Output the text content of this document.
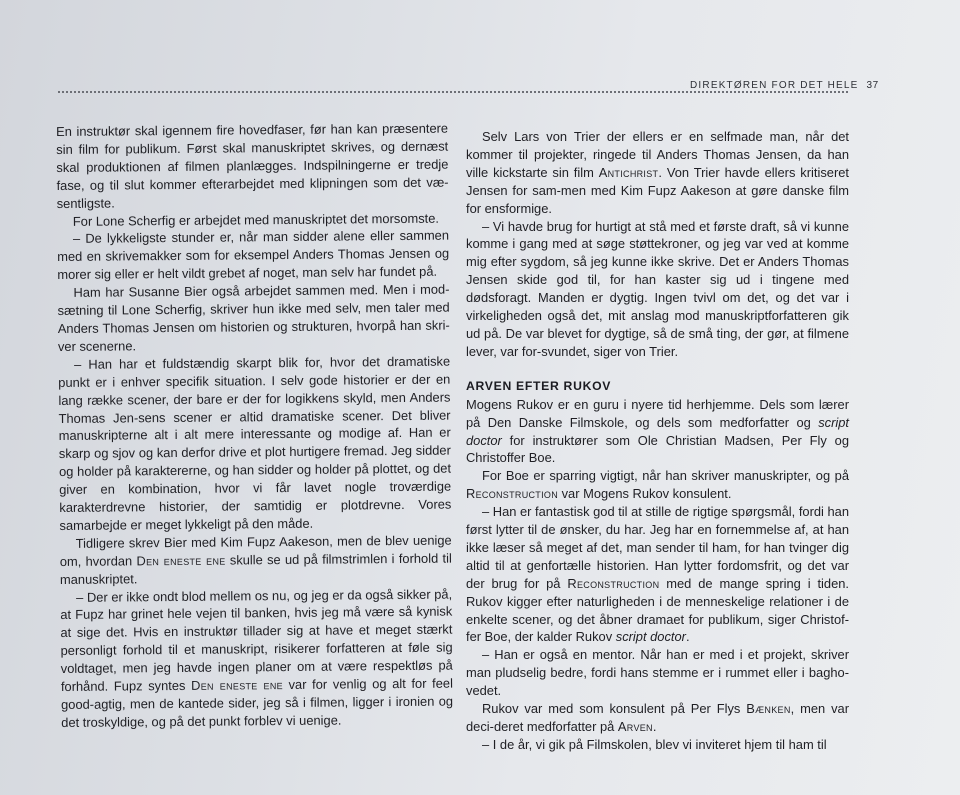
DIREKTØREN FOR DET HELE 37

En instruktør skal igennem fire hovedfaser, før han kan præsentere sin film for publikum. Først skal manuskriptet skrives, og dernæst skal produktionen af filmen planlægges. Indspilningerne er tredje fase, og til slut kommer efterarbejdet med klipningen som det væ-sentligste.

For Lone Scherfig er arbejdet med manuskriptet det morsomste.

– De lykkeligste stunder er, når man sidder alene eller sammen med en skrivemakker som for eksempel Anders Thomas Jensen og morer sig eller er helt vildt grebet af noget, man selv har fundet på.

Ham har Susanne Bier også arbejdet sammen med. Men i mod-sætning til Lone Scherfig, skriver hun ikke med selv, men taler med Anders Thomas Jensen om historien og strukturen, hvorpå han skri-ver scenerne.

– Han har et fuldstændig skarpt blik for, hvor det dramatiske punkt er i enhver specifik situation. I selv gode historier er der en lang række scener, der bare er der for logikkens skyld, men Anders Thomas Jen-sens scener er altid dramatiske scener. Det bliver manuskripterne alt i alt mere interessante og modige af. Han er skarp og sjov og kan derfor drive et plot hurtigere fremad. Jeg sidder og holder på karaktererne, og han sidder og holder på plottet, og det giver en kombination, hvor vi får lavet nogle troværdige karakterdrevne historier, der samtidig er plotdrevne. Vores samarbejde er meget lykkeligt på den måde.

Tidligere skrev Bier med Kim Fupz Aakeson, men de blev uenige om, hvordan Den eneste ene skulle se ud på filmstrimlen i forhold til manuskriptet.

– Der er ikke ondt blod mellem os nu, og jeg er da også sikker på, at Fupz har grinet hele vejen til banken, hvis jeg må være så kynisk at sige det. Hvis en instruktør tillader sig at have et meget stærkt personligt forhold til et manuskript, risikerer forfatteren at føle sig voldtaget, men jeg havde ingen planer om at være respektløs på forhånd. Fupz syntes Den eneste ene var for venlig og alt for feel good-agtig, men de kantede sider, jeg så i filmen, ligger i ironien og det troskyldige, og på det punkt forblev vi uenige.

Selv Lars von Trier der ellers er en selfmade man, når det kommer til projekter, ringede til Anders Thomas Jensen, da han ville kickstarte sin film Antichrist. Von Trier havde ellers kritiseret Jensen for sam-men med Kim Fupz Aakeson at gøre danske film for ensformige.

– Vi havde brug for hurtigt at stå med et første draft, så vi kunne komme i gang med at søge støttekroner, og jeg var ved at komme mig efter sygdom, så jeg kunne ikke skrive. Det er Anders Thomas Jensen skide god til, for han kaster sig ud i tingene med dødsforagt. Manden er dygtig. Ingen tvivl om det, og det var i virkeligheden også det, mit anslag mod manuskriptforfatteren gik ud på. De var blevet for dygtige, så de små ting, der gør, at filmene lever, var for-svundet, siger von Trier.

ARVEN EFTER RUKOV

Mogens Rukov er en guru i nyere tid herhjemme. Dels som lærer på Den Danske Filmskole, og dels som medforfatter og script doctor for instruktører som Ole Christian Madsen, Per Fly og Christoffer Boe.

For Boe er sparring vigtigt, når han skriver manuskripter, og på Reconstruction var Mogens Rukov konsulent.

– Han er fantastisk god til at stille de rigtige spørgsmål, fordi han først lytter til de ønsker, du har. Jeg har en fornemmelse af, at han ikke læser så meget af det, man sender til ham, for han tvinger dig altid til at genfortælle historien. Han lytter fordomsfrit, og det var der brug for på Reconstruction med de mange spring i tiden. Rukov kigger efter naturligheden i de menneskelige relationer i de enkelte scener, og det åbner dramaet for publikum, siger Christof-fer Boe, der kalder Rukov script doctor.

– Han er også en mentor. Når han er med i et projekt, skriver man pludselig bedre, fordi hans stemme er i rummet eller i bagho-vedet.

Rukov var med som konsulent på Per Flys Bænken, men var deci-deret medforfatter på Arven.

– I de år, vi gik på Filmskolen, blev vi inviteret hjem til ham til
